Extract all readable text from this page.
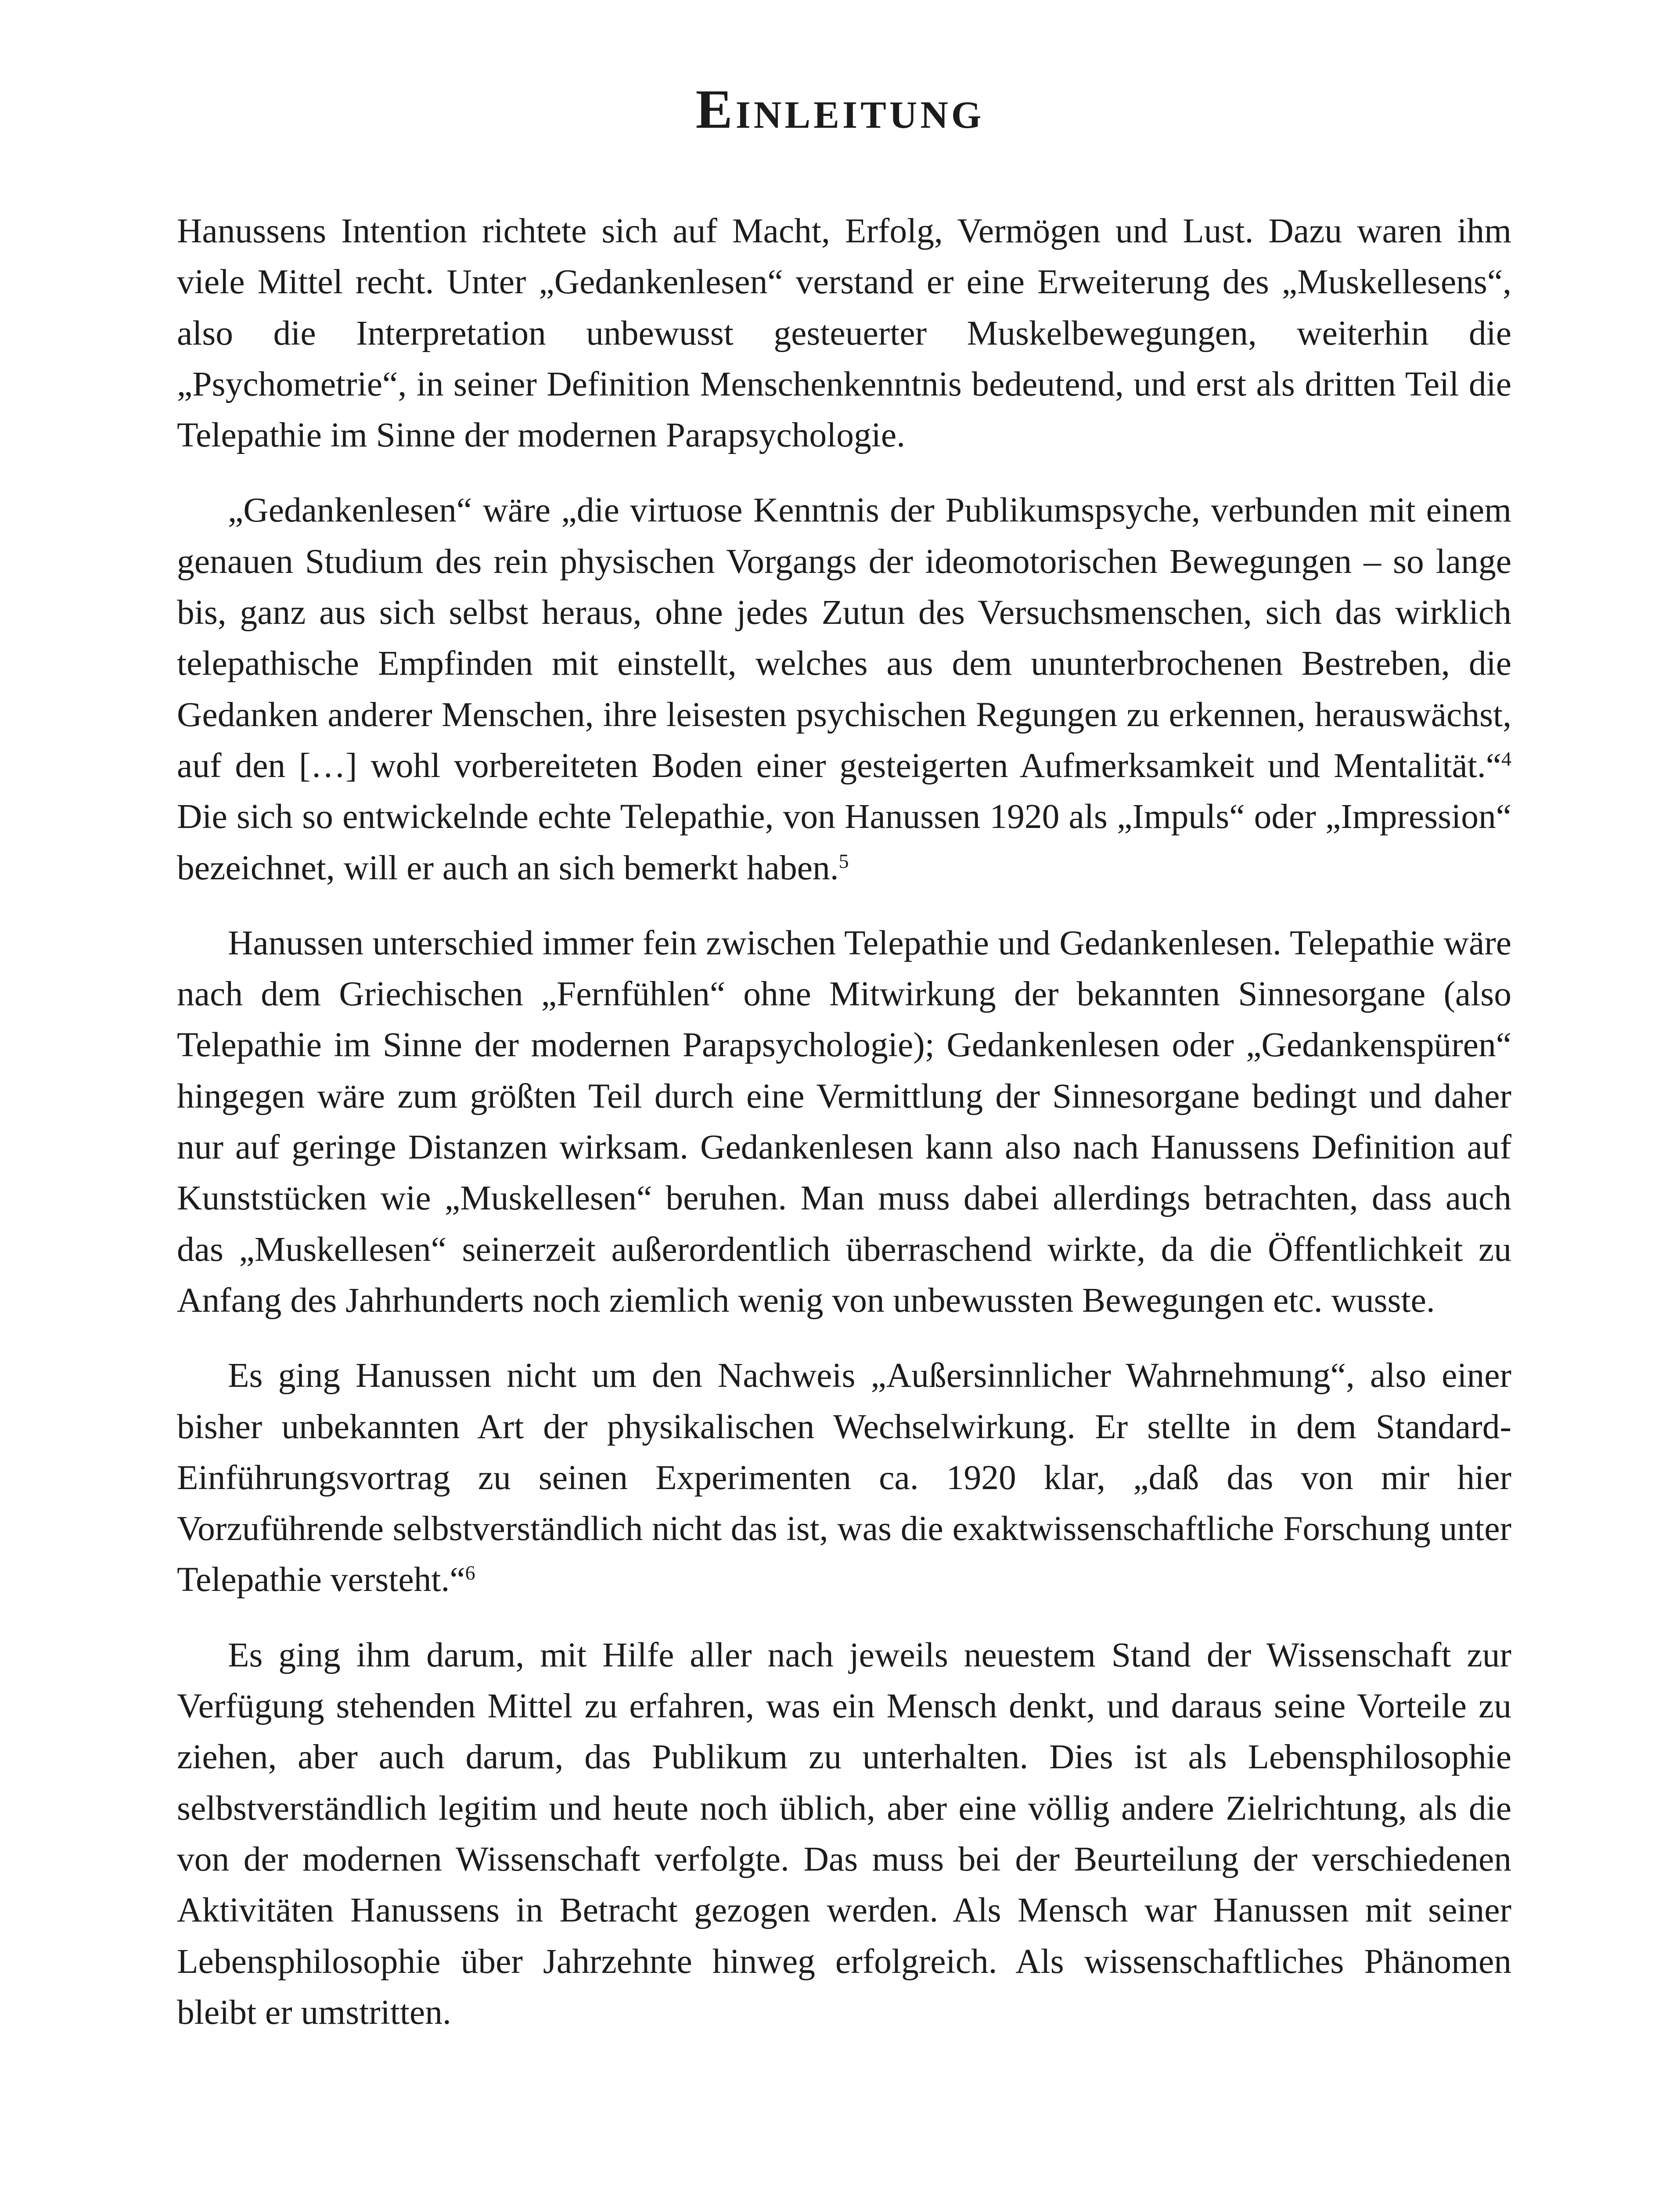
Einleitung

Hanussens Intention richtete sich auf Macht, Erfolg, Vermögen und Lust. Dazu waren ihm viele Mittel recht. Unter „Gedankenlesen“ verstand er eine Erweiterung des „Muskellesens“, also die Interpretation unbewusst gesteuerter Muskelbewegungen, weiterhin die „Psychometrie“, in seiner Definition Menschenkenntnis bedeutend, und erst als dritten Teil die Telepathie im Sinne der modernen Parapsychologie.

„Gedankenlesen“ wäre „die virtuose Kenntnis der Publikumspsyche, verbunden mit einem genauen Studium des rein physischen Vorgangs der ideomotorischen Bewegungen – so lange bis, ganz aus sich selbst heraus, ohne jedes Zutun des Versuchsmenschen, sich das wirklich telepathische Empfinden mit einstellt, welches aus dem ununterbrochenen Bestreben, die Gedanken anderer Menschen, ihre leisesten psychischen Regungen zu erkennen, herauswächst, auf den […] wohl vorbereiteten Boden einer gesteigerten Aufmerksamkeit und Mentalität.“$^4$ Die sich so entwickelnde echte Telepathie, von Hanussen 1920 als „Impuls“ oder „Impression“ bezeichnet, will er auch an sich bemerkt haben.$^5$

Hanussen unterschied immer fein zwischen Telepathie und Gedankenlesen. Telepathie wäre nach dem Griechischen „Fernfühlen“ ohne Mitwirkung der bekannten Sinnesorgane (also Telepathie im Sinne der modernen Parapsychologie); Gedankenlesen oder „Gedankenspüren“ hingegen wäre zum größten Teil durch eine Vermittlung der Sinnesorgane bedingt und daher nur auf geringe Distanzen wirksam. Gedankenlesen kann also nach Hanussens Definition auf Kunststücken wie „Muskellesen“ beruhen. Man muss dabei allerdings betrachten, dass auch das „Muskellesen“ seinerzeit außerordentlich überraschend wirkte, da die Öffentlichkeit zu Anfang des Jahrhunderts noch ziemlich wenig von unbewussten Bewegungen etc. wusste.

Es ging Hanussen nicht um den Nachweis „Außersinnlicher Wahrnehmung“, also einer bisher unbekannten Art der physikalischen Wechselwirkung. Er stellte in dem Standard-Einführungsvortrag zu seinen Experimenten ca. 1920 klar, „daß das von mir hier Vorzuführende selbstverständlich nicht das ist, was die exaktwissenschaftliche Forschung unter Telepathie versteht.“$^6$

Es ging ihm darum, mit Hilfe aller nach jeweils neuestem Stand der Wissenschaft zur Verfügung stehenden Mittel zu erfahren, was ein Mensch denkt, und daraus seine Vorteile zu ziehen, aber auch darum, das Publikum zu unterhalten. Dies ist als Lebensphilosophie selbstverständlich legitim und heute noch üblich, aber eine völlig andere Zielrichtung, als die von der modernen Wissenschaft verfolgte. Das muss bei der Beurteilung der verschiedenen Aktivitäten Hanussens in Betracht gezogen werden. Als Mensch war Hanussen mit seiner Lebensphilosophie über Jahrzehnte hinweg erfolgreich. Als wissenschaftliches Phänomen bleibt er umstritten.
